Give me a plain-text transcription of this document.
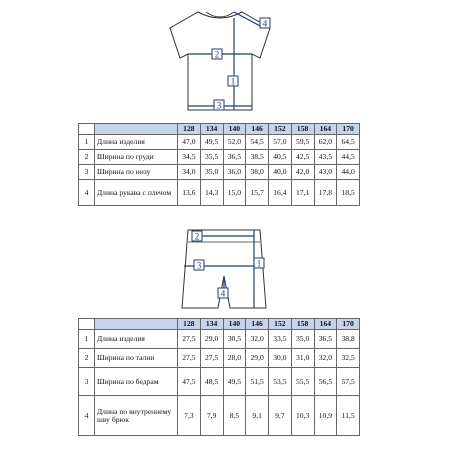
2
1
3
4
		128	134	140	146	152	158	164	170
1	Длина изделия	47,0	49,5	52,0	54,5	57,0	59,5	62,0	64,5
2	Ширина по груди	34,5	35,5	36,5	38,5	40,5	42,5	43,5	44,5
3	Ширина по низу	34,0	35,0	36,0	38,0	40,0	42,0	43,0	44,0
4	Длина рукава с плечом	13,6	14,3	15,0	15,7	16,4	17,1	17,8	18,5
2
1
3
4
		128	134	140	146	152	158	164	170
1	Длина изделия	27,5	29,0	30,5	32,0	33,5	35,0	36,5	38,8
2	Ширина по талии	27,5	27,5	28,0	29,0	30,0	31,0	32,0	32,5
3	Ширина по бедрам	47,5	48,5	49,5	51,5	53,5	55,5	56,5	57,5
4	Длина по внутреннему шву брюк	7,3	7,9	8,5	9,1	9,7	10,3	10,9	11,5
